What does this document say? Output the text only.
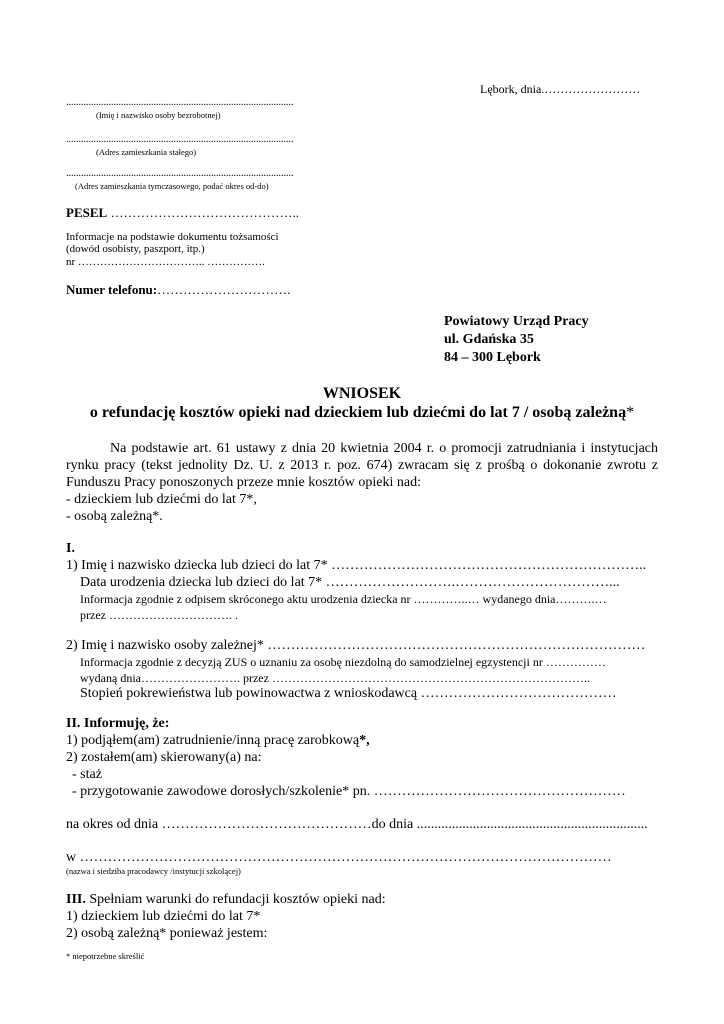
Lębork, dnia.……………………
...........................................................................................
(Imię i nazwisko osoby bezrobotnej)
...........................................................................................
(Adres zamieszkania stałego)
...........................................................................................
(Adres zamieszkania tymczasowego, podać okres od-do)
PESEL ……………………………………..
Informacje na podstawie dokumentu tożsamości
(dowód osobisty, paszport, itp.)
nr …………………………….. …………….
Numer telefonu:………………………….
Powiatowy Urząd Pracy
ul. Gdańska 35
84 – 300 Lębork
WNIOSEK
o refundację kosztów opieki nad dzieckiem lub dziećmi do lat 7 / osobą zależną*
Na podstawie art. 61 ustawy z dnia 20 kwietnia 2004 r. o promocji zatrudniania i instytucjach rynku pracy (tekst jednolity Dz. U. z 2013 r. poz. 674) zwracam się z prośbą o dokonanie zwrotu z Funduszu Pracy ponoszonych przeze mnie kosztów opieki nad:
- dzieckiem lub dziećmi do lat 7*,
- osobą zależną*.
I.
1) Imię i nazwisko dziecka lub dzieci do lat 7* …………………………………………………………..
Data urodzenia dziecka lub dzieci do lat 7* ……………………….……………………………...
Informacja zgodnie z odpisem skróconego aktu urodzenia dziecka nr …………..… wydanego dnia……….…
przez …………………………. .
2) Imię i nazwisko osoby zależnej* ………………………………………………………………………
Informacja zgodnie z decyzją ZUS o uznaniu za osobę niezdolną do samodzielnej egzystencji nr ……………
wydaną dnia……………………. przez ……………………………………………………………………..
Stopień pokrewieństwa lub powinowactwa z wnioskodawcą ……………………………………
II. Informuję, że:
1) podjąłem(am) zatrudnienie/inną pracę zarobkową*,
2) zostałem(am) skierowany(a) na:
- staż
- przygotowanie zawodowe dorosłych/szkolenie* pn. ………………………………………………
na okres od dnia ………………………………………do dnia ..................................................................
w ……………………………………………………………………………………………………
(nazwa i siedziba pracodawcy /instytucji szkolącej)
III. Spełniam warunki do refundacji kosztów opieki nad:
1) dzieckiem lub dziećmi do lat 7*
2) osobą zależną* ponieważ jestem:
* niepotrzebne skreślić
